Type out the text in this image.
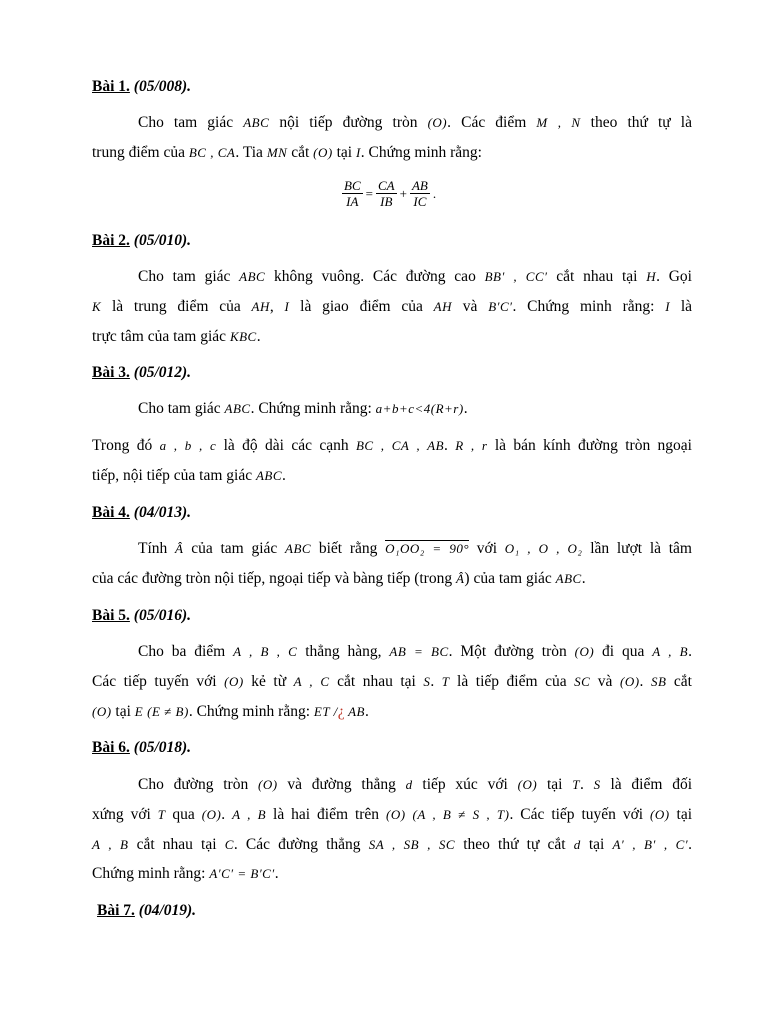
Bài 1. (05/008).
Cho tam giác ABC nội tiếp đường tròn (O). Các điểm M , N theo thứ tự là
trung điểm của BC , CA. Tia MN cắt (O) tại I. Chứng minh rằng:
$\frac{BC}{IA} = \frac{CA}{IB} + \frac{AB}{IC}$ .
Bài 2. (05/010).
Cho tam giác ABC không vuông. Các đường cao BB′ , CC′ cắt nhau tại H. Gọi
K là trung điểm của AH, I là giao điểm của AH và B′C′. Chứng minh rằng: I là
trực tâm của tam giác KBC.
Bài 3. (05/012).
Cho tam giác ABC. Chứng minh rằng: a+b+c<4(R+r).
Trong đó a , b , c là độ dài các cạnh BC , CA , AB. R , r là bán kính đường tròn ngoại
tiếp, nội tiếp của tam giác ABC.
Bài 4. (04/013).
Tính Â của tam giác ABC biết rằng O₁OO₂ = 90° với O₁ , O , O₂ lần lượt là tâm
của các đường tròn nội tiếp, ngoại tiếp và bàng tiếp (trong Â) của tam giác ABC.
Bài 5. (05/016).
Cho ba điểm A , B , C thẳng hàng, AB = BC. Một đường tròn (O) đi qua A , B.
Các tiếp tuyến với (O) kẻ từ A , C cắt nhau tại S. T là tiếp điểm của SC và (O). SB cắt
(O) tại E (E ≠ B). Chứng minh rằng: ET /¿ AB.
Bài 6. (05/018).
Cho đường tròn (O) và đường thẳng d tiếp xúc với (O) tại T. S là điểm đối
xứng với T qua (O). A , B là hai điểm trên (O) (A , B ≠ S , T). Các tiếp tuyến với (O) tại
A , B cắt nhau tại C. Các đường thẳng SA , SB , SC theo thứ tự cắt d tại A′ , B′ , C′.
Chứng minh rằng: A′C′ = B′C′.
Bài 7. (04/019).
